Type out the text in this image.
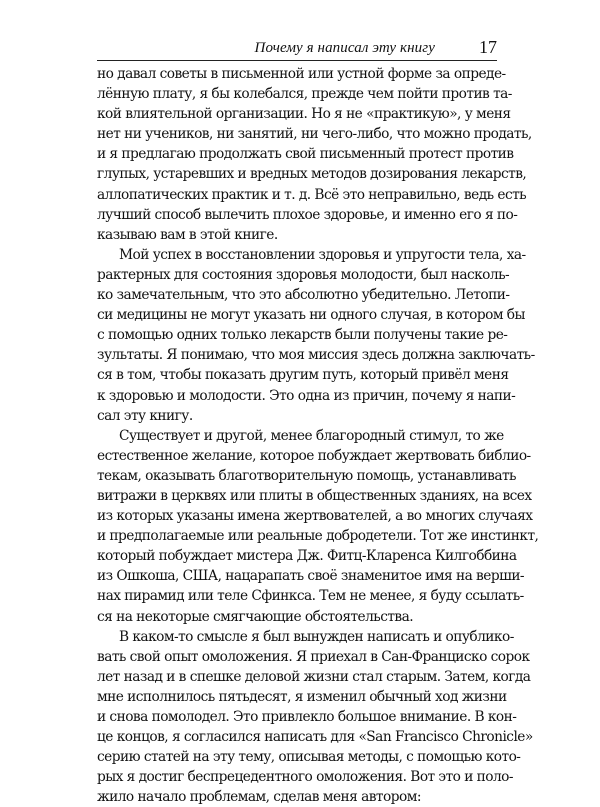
Почему я написал эту книгу 17

но давал советы в письменной или устной форме за опреде-
лённую плату, я бы колебался, прежде чем пойти против та-
кой влиятельной организации. Но я не «практикую», у меня
нет ни учеников, ни занятий, ни чего-либо, что можно продать,
и я предлагаю продолжать свой письменный протест против
глупых, устаревших и вредных методов дозирования лекарств,
аллопатических практик и т. д. Всё это неправильно, ведь есть
лучший способ вылечить плохое здоровье, и именно его я по-
казываю вам в этой книге.

Мой успех в восстановлении здоровья и упругости тела, ха-
рактерных для состояния здоровья молодости, был насколь-
ко замечательным, что это абсолютно убедительно. Летопи-
си медицины не могут указать ни одного случая, в котором бы
с помощью одних только лекарств были получены такие ре-
зультаты. Я понимаю, что моя миссия здесь должна заключать-
ся в том, чтобы показать другим путь, который привёл меня
к здоровью и молодости. Это одна из причин, почему я напи-
сал эту книгу.

Существует и другой, менее благородный стимул, то же
естественное желание, которое побуждает жертвовать библио-
текам, оказывать благотворительную помощь, устанавливать
витражи в церквях или плиты в общественных зданиях, на всех
из которых указаны имена жертвователей, а во многих случаях
и предполагаемые или реальные добродетели. Тот же инстинкт,
который побуждает мистера Дж. Фитц-Кларенса Килгоббина
из Ошкоша, США, нацарапать своё знаменитое имя на верши-
нах пирамид или теле Сфинкса. Тем не менее, я буду ссылать-
ся на некоторые смягчающие обстоятельства.

В каком-то смысле я был вынужден написать и опублико-
вать свой опыт омоложения. Я приехал в Сан-Франциско сорок
лет назад и в спешке деловой жизни стал старым. Затем, когда
мне исполнилось пятьдесят, я изменил обычный ход жизни
и снова помолодел. Это привлекло большое внимание. В кон-
це концов, я согласился написать для «San Francisco Chronicle»
серию статей на эту тему, описывая методы, с помощью кото-
рых я достиг беспрецедентного омоложения. Вот это и поло-
жило начало проблемам, сделав меня автором:
